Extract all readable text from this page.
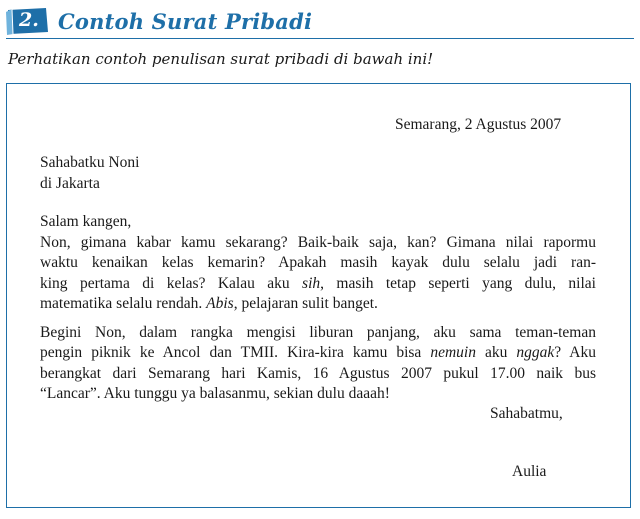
2. Contoh Surat Pribadi
Perhatikan contoh penulisan surat pribadi di bawah ini!
Semarang, 2 Agustus 2007
Sahabatku Noni
di Jakarta
Salam kangen,
Non, gimana kabar kamu sekarang? Baik-baik saja, kan? Gimana nilai rapormu
waktu kenaikan kelas kemarin? Apakah masih kayak dulu selalu jadi ran-
king pertama di kelas? Kalau aku sih, masih tetap seperti yang dulu, nilai
matematika selalu rendah. Abis, pelajaran sulit banget.
Begini Non, dalam rangka mengisi liburan panjang, aku sama teman-teman
pengin piknik ke Ancol dan TMII. Kira-kira kamu bisa nemuin aku nggak? Aku
berangkat dari Semarang hari Kamis, 16 Agustus 2007 pukul 17.00 naik bus
“Lancar”. Aku tunggu ya balasanmu, sekian dulu daaah!
Sahabatmu,
Aulia
